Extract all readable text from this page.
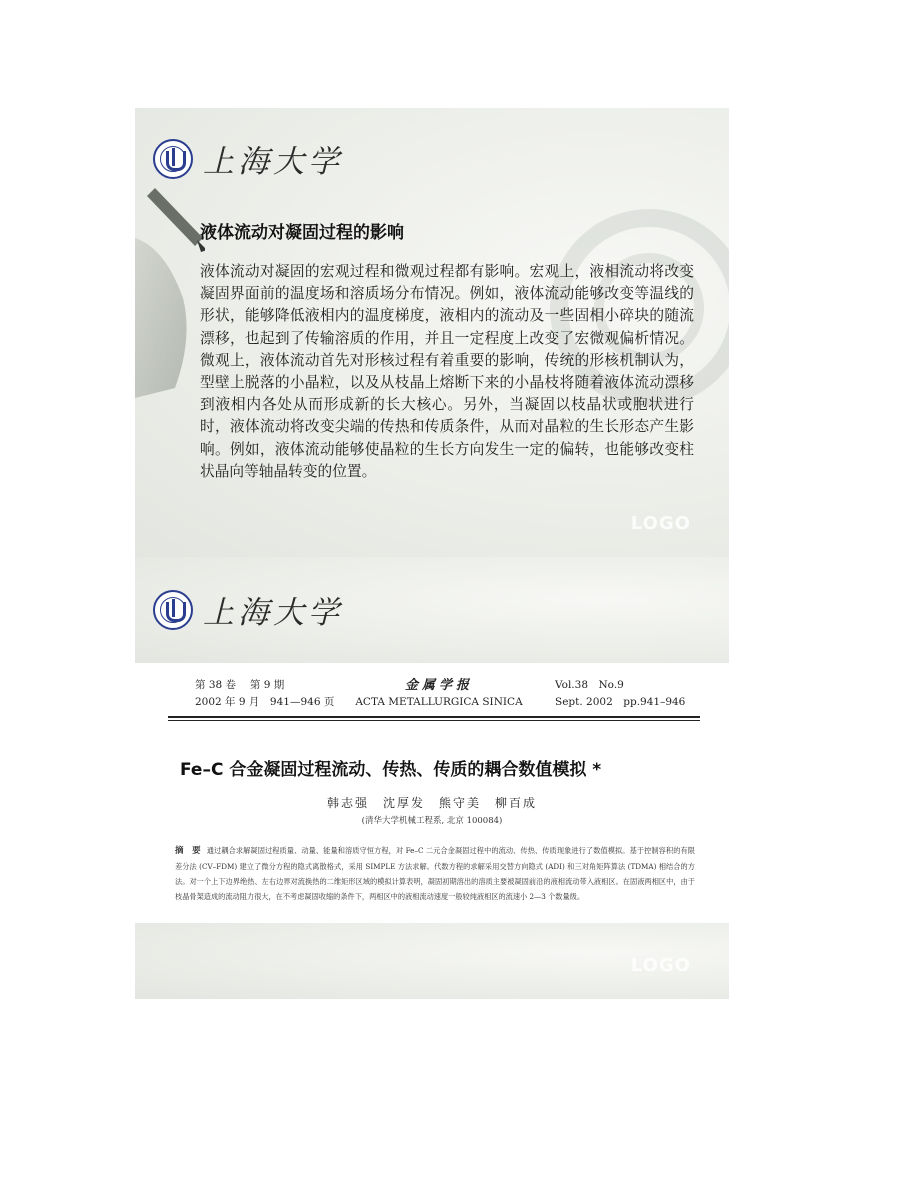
上海大学
液体流动对凝固过程的影响

液体流动对凝固的宏观过程和微观过程都有影响。宏观上，液相流动将改变凝固界面前的温度场和溶质场分布情况。例如，液体流动能够改变等温线的形状，能够降低液相内的温度梯度，液相内的流动及一些固相小碎块的随流漂移，也起到了传输溶质的作用，并且一定程度上改变了宏微观偏析情况。微观上，液体流动首先对形核过程有着重要的影响，传统的形核机制认为，型壁上脱落的小晶粒，以及从枝晶上熔断下来的小晶枝将随着液体流动漂移到液相内各处从而形成新的长大核心。另外，当凝固以枝晶状或胞状进行时，液体流动将改变尖端的传热和传质条件，从而对晶粒的生长形态产生影响。例如，液体流动能够使晶粒的生长方向发生一定的偏转，也能够改变柱状晶向等轴晶转变的位置。

LOGO
上海大学
第 38 卷　 第 9 期
2002 年 9 月　941—946 页
金属学报
ACTA METALLURGICA SINICA
Vol.38　No.9
Sept. 2002　pp.941–946
Fe–C 合金凝固过程流动、传热、传质的耦合数值模拟 *
韩志强　沈厚发　熊守美　柳百成
(清华大学机械工程系, 北京 100084)

摘　要 通过耦合求解凝固过程质量、动量、能量和溶质守恒方程，对 Fe–C 二元合金凝固过程中的流动、传热、传质现象进行了数值模拟。基于控制容积的有限差分法 (CV–FDM) 建立了微分方程的隐式离散格式，采用 SIMPLE 方法求解。代数方程的求解采用交替方向隐式 (ADI) 和三对角矩阵算法 (TDMA) 相结合的方法。对一个上下边界绝热、左右边界对流换热的二维矩形区域的模拟计算表明，凝固初期溶出的溶质主要被凝固前沿的液相流动带入液相区。在固液两相区中，由于枝晶骨架造成的流动阻力很大，在不考虑凝固收缩的条件下，两相区中的液相流动速度一般较纯液相区的流速小 2—3 个数量级。

LOGO
